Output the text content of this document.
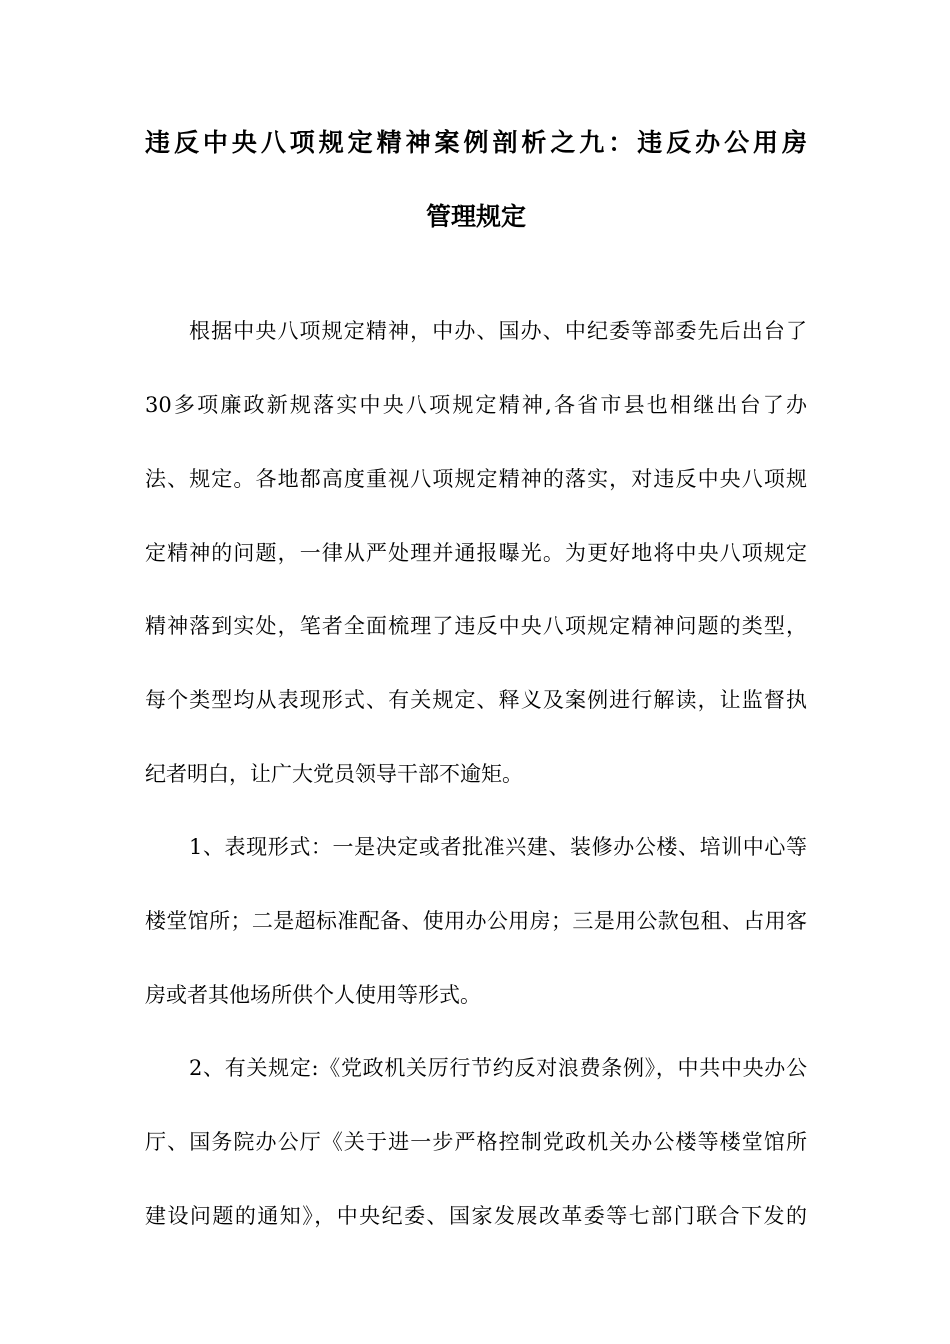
违反中央八项规定精神案例剖析之九：违反办公用房
管理规定
根据中央八项规定精神，中办、国办、中纪委等部委先后出台了
30多项廉政新规落实中央八项规定精神,各省市县也相继出台了办
法、规定。各地都高度重视八项规定精神的落实，对违反中央八项规
定精神的问题，一律从严处理并通报曝光。为更好地将中央八项规定
精神落到实处，笔者全面梳理了违反中央八项规定精神问题的类型，
每个类型均从表现形式、有关规定、释义及案例进行解读，让监督执
纪者明白，让广大党员领导干部不逾矩。
1、表现形式：一是决定或者批准兴建、装修办公楼、培训中心等
楼堂馆所；二是超标准配备、使用办公用房；三是用公款包租、占用客
房或者其他场所供个人使用等形式。
2、有关规定:《党政机关厉行节约反对浪费条例》，中共中央办公
厅、国务院办公厅《关于进一步严格控制党政机关办公楼等楼堂馆所
建设问题的通知》，中央纪委、国家发展改革委等七部门联合下发的
